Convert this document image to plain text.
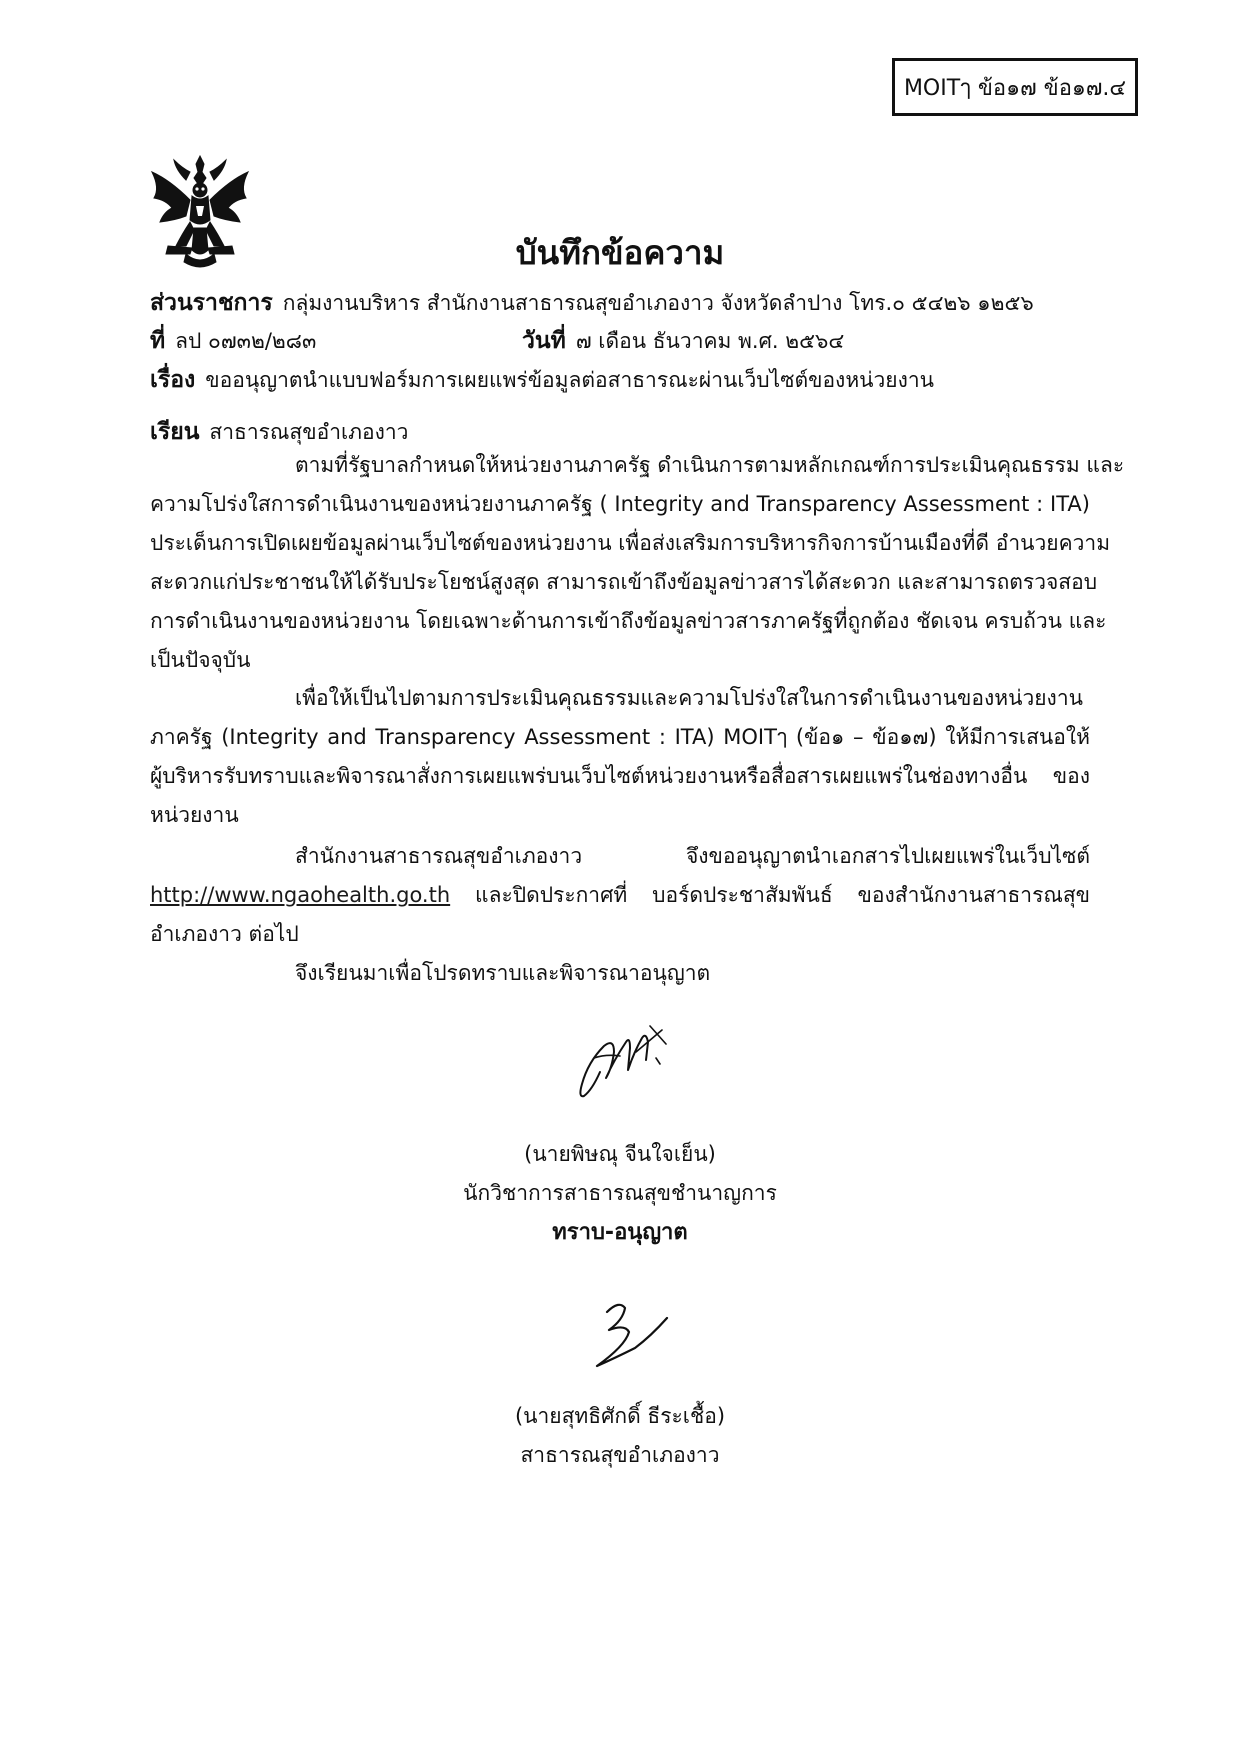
MOITๅ ข้อ๑๗ ข้อ๑๗.๔
บันทึกข้อความ
ส่วนราชการ กลุ่มงานบริหาร สำนักงานสาธารณสุขอำเภองาว จังหวัดลำปาง โทร.๐ ๕๔๒๖ ๑๒๕๖
ที่ ลป ๐๗๓๒/๒๘๓	วันที่ ๗ เดือน ธันวาคม พ.ศ. ๒๕๖๔
เรื่อง ขออนุญาตนำแบบฟอร์มการเผยแพร่ข้อมูลต่อสาธารณะผ่านเว็บไซต์ของหน่วยงาน
เรียน สาธารณสุขอำเภองาว
ตามที่รัฐบาลกำหนดให้หน่วยงานภาครัฐ ดำเนินการตามหลักเกณฑ์การประเมินคุณธรรม และ
ความโปร่งใสการดำเนินงานของหน่วยงานภาครัฐ ( Integrity and Transparency Assessment : ITA)
ประเด็นการเปิดเผยข้อมูลผ่านเว็บไซต์ของหน่วยงาน เพื่อส่งเสริมการบริหารกิจการบ้านเมืองที่ดี อำนวยความ
สะดวกแก่ประชาชนให้ได้รับประโยชน์สูงสุด สามารถเข้าถึงข้อมูลข่าวสารได้สะดวก และสามารถตรวจสอบ
การดำเนินงานของหน่วยงาน โดยเฉพาะด้านการเข้าถึงข้อมูลข่าวสารภาครัฐที่ถูกต้อง ชัดเจน ครบถ้วน และ
เป็นปัจจุบัน
เพื่อให้เป็นไปตามการประเมินคุณธรรมและความโปร่งใสในการดำเนินงานของหน่วยงาน
ภาครัฐ (Integrity and Transparency Assessment : ITA) MOITๅ (ข้อ๑ – ข้อ๑๗) ให้มีการเสนอให้
ผู้บริหารรับทราบและพิจารณาสั่งการเผยแพร่บนเว็บไซต์หน่วยงานหรือสื่อสารเผยแพร่ในช่องทางอื่น ของ
หน่วยงาน
สำนักงานสาธารณสุขอำเภองาว จึงขออนุญาตนำเอกสารไปเผยแพร่ในเว็บไซต์
http://www.ngaohealth.go.th และปิดประกาศที่ บอร์ดประชาสัมพันธ์ ของสำนักงานสาธารณสุข
อำเภองาว ต่อไป
จึงเรียนมาเพื่อโปรดทราบและพิจารณาอนุญาต
(นายพิษณุ จีนใจเย็น)
นักวิชาการสาธารณสุขชำนาญการ
ทราบ-อนุญาต
(นายสุทธิศักดิ์ ธีระเชื้อ)
สาธารณสุขอำเภองาว
